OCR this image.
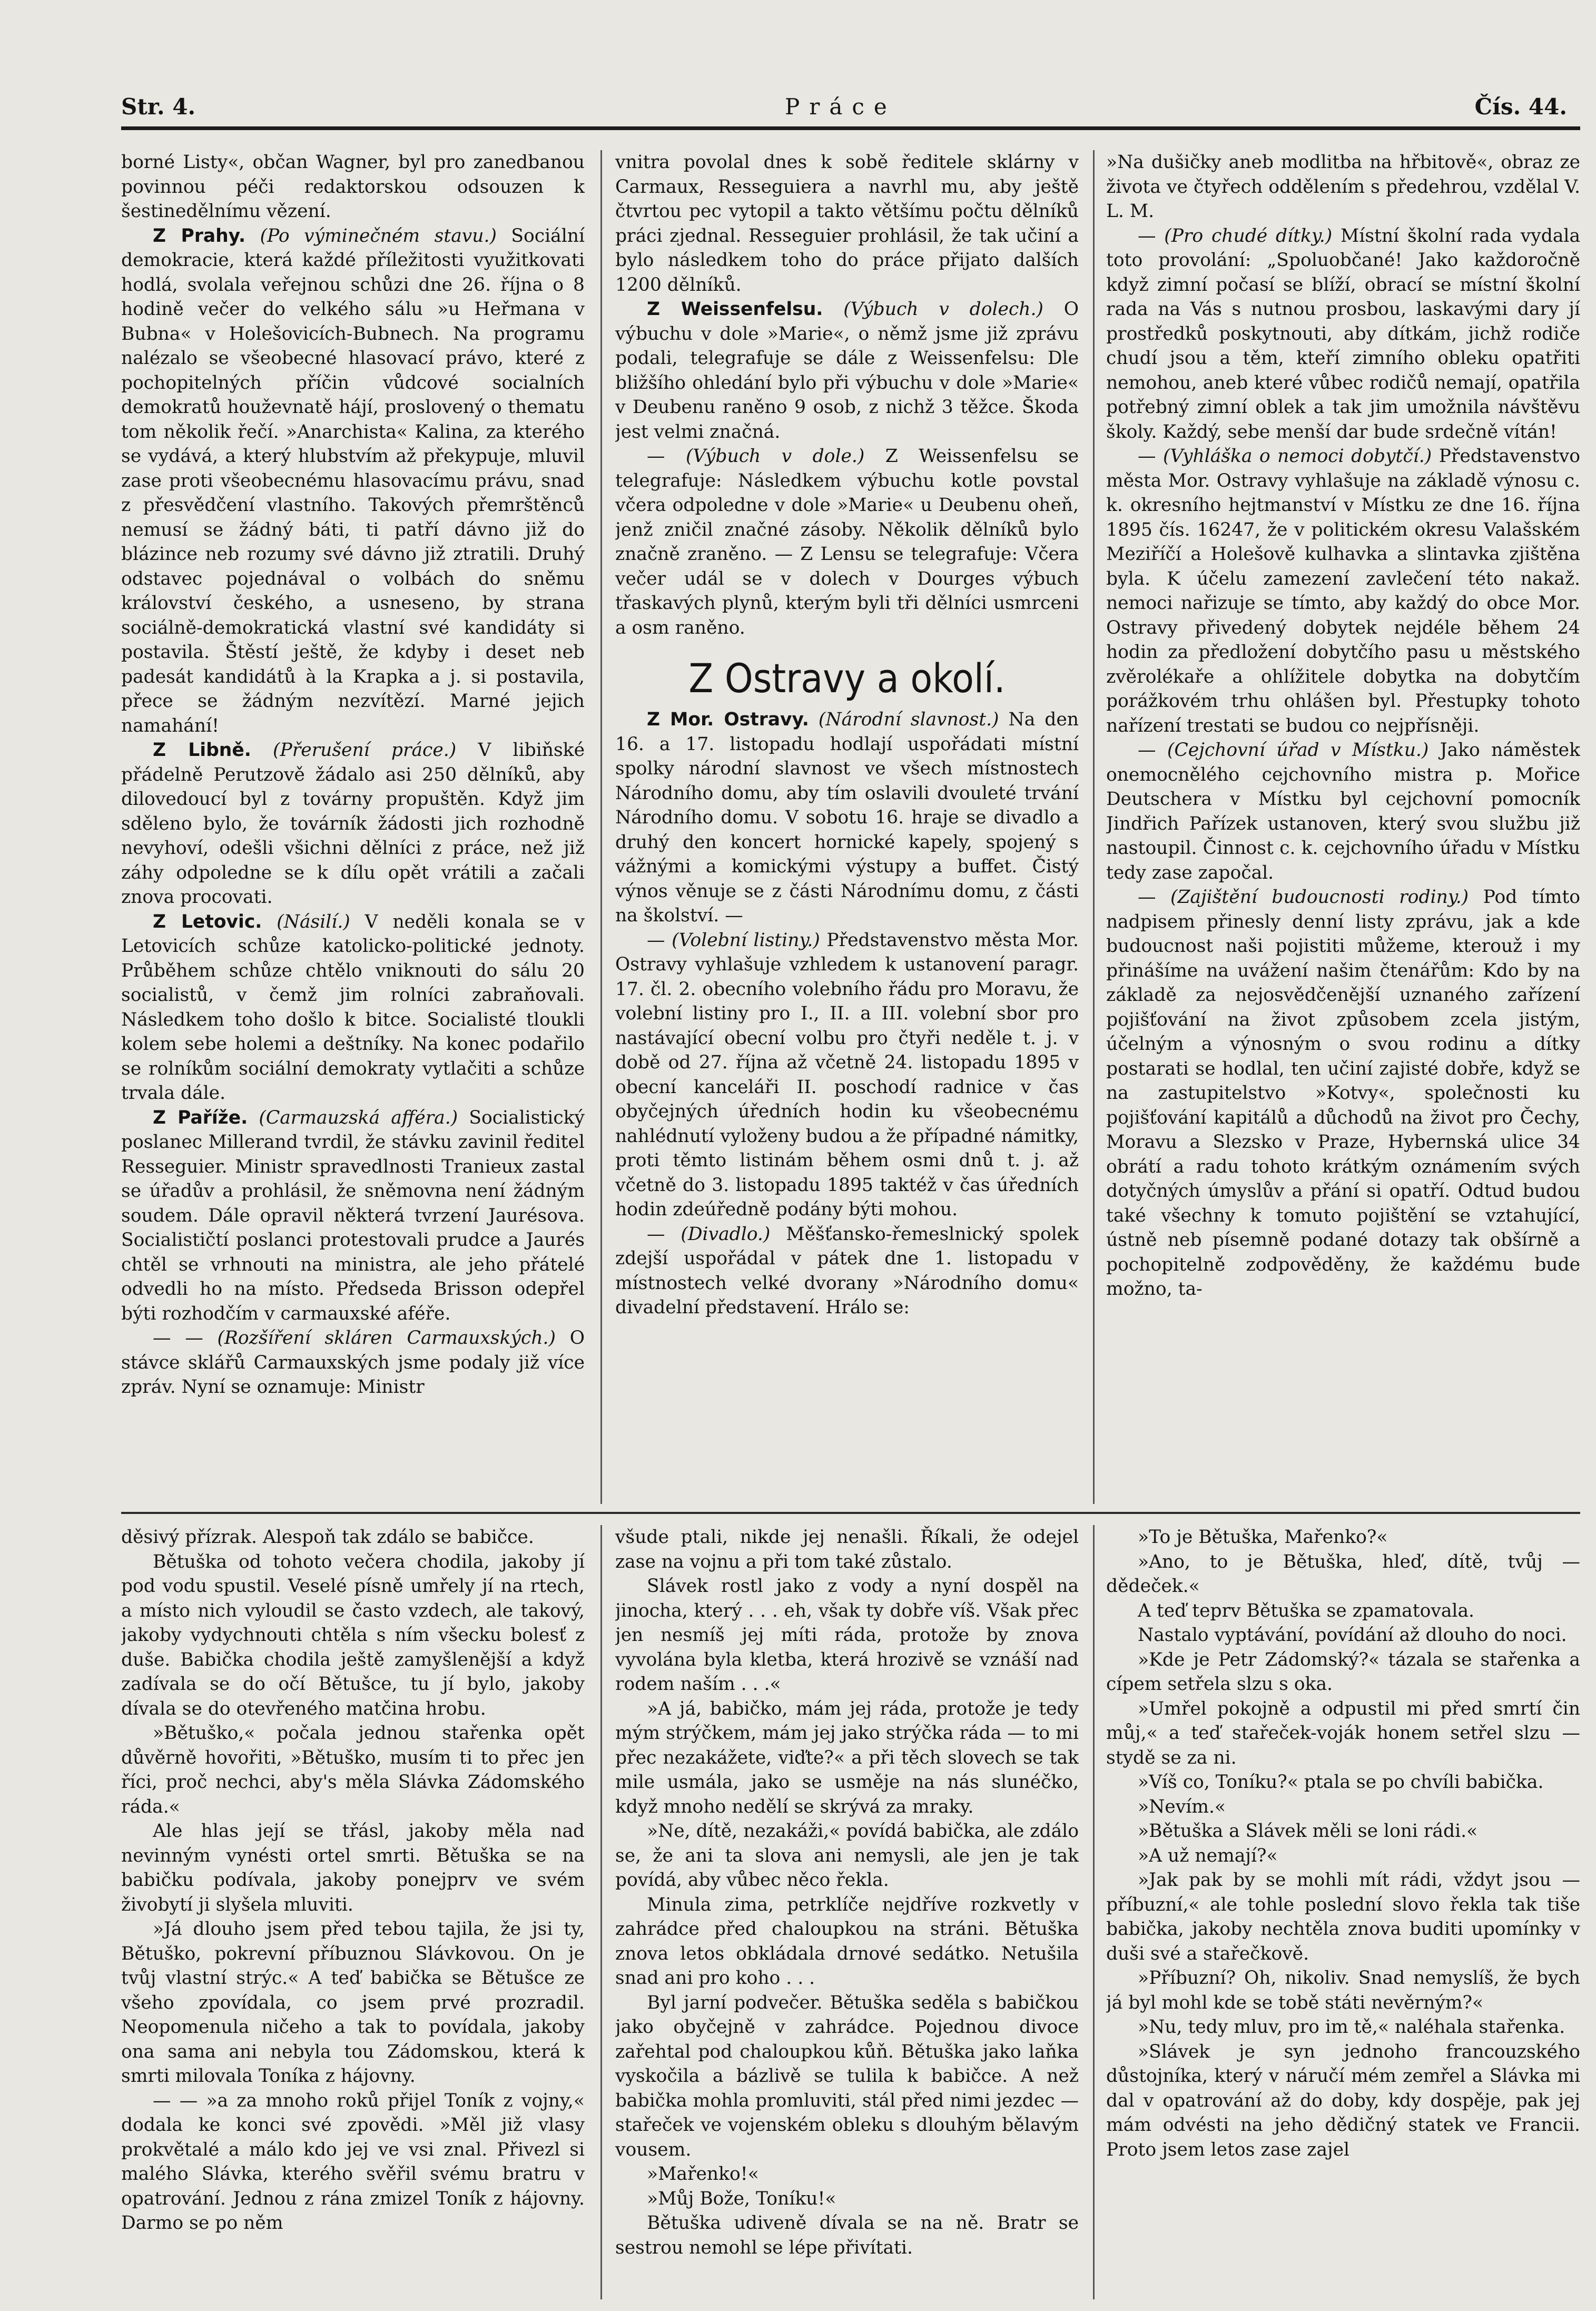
Str. 4.	Práce	Čís. 44.

borné Listy«, občan Wagner, byl pro zanedbanou povinnou péči redaktorskou odsouzen k šestinedělnímu vězení.

Z Prahy. (Po výminečném stavu.) Sociální demokracie, která každé příležitosti využitkovati hodlá, svolala veřejnou schůzi dne 26. října o 8 hodině večer do velkého sálu »u Heřmana v Bubna« v Holešovicích-Bubnech. Na programu nalézalo se všeobecné hlasovací právo, které z pochopitelných příčin vůdcové socialních demokratů houževnatě hájí, proslovený o thematu tom několik řečí. »Anarchista« Kalina, za kterého se vydává, a který hlubstvím až překypuje, mluvil zase proti všeobecnému hlasovacímu právu, snad z přesvědčení vlastního. Takových přemrštěnců nemusí se žádný báti, ti patří dávno již do blázince neb rozumy své dávno již ztratili. Druhý odstavec pojednával o volbách do sněmu království českého, a usneseno, by strana sociálně-demokratická vlastní své kandidáty si postavila. Štěstí ještě, že kdyby i deset neb padesát kandidátů à la Krapka a j. si postavila, přece se žádným nezvítězí. Marné jejich namahání!

Z Libně. (Přerušení práce.) V libiňské přádelně Perutzově žádalo asi 250 dělníků, aby dilovedoucí byl z továrny propuštěn. Když jim sděleno bylo, že továrník žádosti jich rozhodně nevyhoví, odešli všichni dělníci z práce, než již záhy odpoledne se k dílu opět vrátili a začali znova procovati.

Z Letovic. (Násilí.) V neděli konala se v Letovicích schůze katolicko-politické jednoty. Průběhem schůze chtělo vniknouti do sálu 20 socialistů, v čemž jim rolníci zabraňovali. Následkem toho došlo k bitce. Socialisté tloukli kolem sebe holemi a deštníky. Na konec podařilo se rolníkům sociální demokraty vytlačiti a schůze trvala dále.

Z Paříže. (Carmauzská afféra.) Socialistický poslanec Millerand tvrdil, že stávku zavinil ředitel Resseguier. Ministr spravedlnosti Tranieux zastal se úřadův a prohlásil, že sněmovna není žádným soudem. Dále opravil některá tvrzení Jaurésova. Socialističtí poslanci protestovali prudce a Jaurés chtěl se vrhnouti na ministra, ale jeho přátelé odvedli ho na místo. Předseda Brisson odepřel býti rozhodčím v carmauxské aféře.

— — (Rozšíření skláren Carmauxských.) O stávce sklářů Carmauxských jsme podaly již více zpráv. Nyní se oznamuje: Ministr

vnitra povolal dnes k sobě ředitele sklárny v Carmaux, Resseguiera a navrhl mu, aby ještě čtvrtou pec vytopil a takto většímu počtu dělníků práci zjednal. Resseguier prohlásil, že tak učiní a bylo následkem toho do práce přijato dalších 1200 dělníků.

Z Weissenfelsu. (Výbuch v dolech.) O výbuchu v dole »Marie«, o němž jsme již zprávu podali, telegrafuje se dále z Weissenfelsu: Dle bližšího ohledání bylo při výbuchu v dole »Marie« v Deubenu raněno 9 osob, z nichž 3 těžce. Škoda jest velmi značná.

— (Výbuch v dole.) Z Weissenfelsu se telegrafuje: Následkem výbuchu kotle povstal včera odpoledne v dole »Marie« u Deubenu oheň, jenž zničil značné zásoby. Několik dělníků bylo značně zraněno. — Z Lensu se telegrafuje: Včera večer udál se v dolech v Dourges výbuch třaskavých plynů, kterým byli tři dělníci usmrceni a osm raněno.

Z Ostravy a okolí.

Z Mor. Ostravy. (Národní slavnost.) Na den 16. a 17. listopadu hodlají uspořádati místní spolky národní slavnost ve všech místnostech Národního domu, aby tím oslavili dvouleté trvání Národního domu. V sobotu 16. hraje se divadlo a druhý den koncert hornické kapely, spojený s vážnými a komickými výstupy a buffet. Čistý výnos věnuje se z části Národnímu domu, z části na školství. —

— (Volební listiny.) Představenstvo města Mor. Ostravy vyhlašuje vzhledem k ustanovení paragr. 17. čl. 2. obecního volebního řádu pro Moravu, že volební listiny pro I., II. a III. volební sbor pro nastávající obecní volbu pro čtyři neděle t. j. v době od 27. října až včetně 24. listopadu 1895 v obecní kanceláři II. poschodí radnice v čas obyčejných úředních hodin ku všeobecnému nahlédnutí vyloženy budou a že případné námitky, proti těmto listinám během osmi dnů t. j. až včetně do 3. listopadu 1895 taktéž v čas úředních hodin zdeúředně podány býti mohou.

— (Divadlo.) Měšťansko-řemeslnický spolek zdejší uspořádal v pátek dne 1. listopadu v místnostech velké dvorany »Národního domu« divadelní představení. Hrálo se:

»Na dušičky aneb modlitba na hřbitově«, obraz ze života ve čtyřech oddělením s předehrou, vzdělal V. L. M.

— (Pro chudé dítky.) Místní školní rada vydala toto provolání: „Spoluobčané! Jako každoročně když zimní počasí se blíží, obrací se místní školní rada na Vás s nutnou prosbou, laskavými dary jí prostředků poskytnouti, aby dítkám, jichž rodiče chudí jsou a těm, kteří zimního obleku opatřiti nemohou, aneb které vůbec rodičů nemají, opatřila potřebný zimní oblek a tak jim umožnila návštěvu školy. Každý, sebe menší dar bude srdečně vítán!

— (Vyhláška o nemoci dobytčí.) Představenstvo města Mor. Ostravy vyhlašuje na základě výnosu c. k. okresního hejtmanství v Místku ze dne 16. října 1895 čís. 16247, že v politickém okresu Valašském Meziříčí a Holešově kulhavka a slintavka zjištěna byla. K účelu zamezení zavlečení této nakaž. nemoci nařizuje se tímto, aby každý do obce Mor. Ostravy přivedený dobytek nejdéle během 24 hodin za předložení dobytčího pasu u městského zvěrolékaře a ohlížitele dobytka na dobytčím porážkovém trhu ohlášen byl. Přestupky tohoto nařízení trestati se budou co nejpřísněji.

— (Cejchovní úřad v Místku.) Jako náměstek onemocnělého cejchovního mistra p. Mořice Deutschera v Místku byl cejchovní pomocník Jindřich Pařízek ustanoven, který svou službu již nastoupil. Činnost c. k. cejchovního úřadu v Místku tedy zase započal.

— (Zajištění budoucnosti rodiny.) Pod tímto nadpisem přinesly denní listy zprávu, jak a kde budoucnost naši pojistiti můžeme, kterouž i my přinášíme na uvážení našim čtenářům: Kdo by na základě za nejosvědčenější uznaného zařízení pojišťování na život způsobem zcela jistým, účelným a výnosným o svou rodinu a dítky postarati se hodlal, ten učiní zajisté dobře, když se na zastupitelstvo »Kotvy«, společnosti ku pojišťování kapitálů a důchodů na život pro Čechy, Moravu a Slezsko v Praze, Hybernská ulice 34 obrátí a radu tohoto krátkým oznámením svých dotyčných úmyslův a přání si opatří. Odtud budou také všechny k tomuto pojištění se vztahující, ústně neb písemně podané dotazy tak obšírně a pochopitelně zodpověděny, že každému bude možno, ta-

děsivý přízrak. Alespoň tak zdálo se babičce.

Bětuška od tohoto večera chodila, jakoby jí pod vodu spustil. Veselé písně umřely jí na rtech, a místo nich vyloudil se často vzdech, ale takový, jakoby vydychnouti chtěla s ním všecku bolesť z duše. Babička chodila ještě zamyšlenější a když zadívala se do očí Bětušce, tu jí bylo, jakoby dívala se do otevřeného matčina hrobu.

»Bětuško,« počala jednou stařenka opět důvěrně hovořiti, »Bětuško, musím ti to přec jen říci, proč nechci, aby's měla Slávka Zádomského ráda.«

Ale hlas její se třásl, jakoby měla nad nevinným vynésti ortel smrti. Bětuška se na babičku podívala, jakoby ponejprv ve svém živobytí ji slyšela mluviti.

»Já dlouho jsem před tebou tajila, že jsi ty, Bětuško, pokrevní příbuznou Slávkovou. On je tvůj vlastní strýc.« A teď babička se Bětušce ze všeho zpovídala, co jsem prvé prozradil. Neopomenula ničeho a tak to povídala, jakoby ona sama ani nebyla tou Zádomskou, která k smrti milovala Toníka z hájovny.

— — »a za mnoho roků přijel Toník z vojny,« dodala ke konci své zpovědi. »Měl již vlasy prokvětalé a málo kdo jej ve vsi znal. Přivezl si malého Slávka, kterého svěřil svému bratru v opatrování. Jednou z rána zmizel Toník z hájovny. Darmo se po něm

všude ptali, nikde jej nenašli. Říkali, že odejel zase na vojnu a při tom také zůstalo.

Slávek rostl jako z vody a nyní dospěl na jinocha, který . . . eh, však ty dobře víš. Však přec jen nesmíš jej míti ráda, protože by znova vyvolána byla kletba, která hrozivě se vznáší nad rodem naším . . .«

»A já, babičko, mám jej ráda, protože je tedy mým strýčkem, mám jej jako strýčka ráda — to mi přec nezakážete, viďte?« a při těch slovech se tak mile usmála, jako se usměje na nás slunéčko, když mnoho nedělí se skrývá za mraky.

»Ne, dítě, nezakáži,« povídá babička, ale zdálo se, že ani ta slova ani nemysli, ale jen je tak povídá, aby vůbec něco řekla.

Minula zima, petrklíče nejdříve rozkvetly v zahrádce před chaloupkou na stráni. Bětuška znova letos obkládala drnové sedátko. Netušila snad ani pro koho . . .

Byl jarní podvečer. Bětuška seděla s babičkou jako obyčejně v zahrádce. Pojednou divoce zařehtal pod chaloupkou kůň. Bětuška jako laňka vyskočila a bázlivě se tulila k babičce. A než babička mohla promluviti, stál před nimi jezdec — stařeček ve vojenském obleku s dlouhým bělavým vousem.

»Mařenko!«

»Můj Bože, Toníku!«

Bětuška udiveně dívala se na ně. Bratr se sestrou nemohl se lépe přivítati.

»To je Bětuška, Mařenko?«

»Ano, to je Bětuška, hleď, dítě, tvůj — dědeček.«

A teď teprv Bětuška se zpamatovala.

Nastalo vyptávání, povídání až dlouho do noci.

»Kde je Petr Zádomský?« tázala se stařenka a cípem setřela slzu s oka.

»Umřel pokojně a odpustil mi před smrtí čin můj,« a teď stařeček-voják honem setřel slzu — stydě se za ni.

»Víš co, Toníku?« ptala se po chvíli babička.

»Nevím.«

»Bětuška a Slávek měli se loni rádi.«

»A už nemají?«

»Jak pak by se mohli mít rádi, vždyt jsou — příbuzní,« ale tohle poslední slovo řekla tak tiše babička, jakoby nechtěla znova buditi upomínky v duši své a stařečkově.

»Příbuzní? Oh, nikoliv. Snad nemyslíš, že bych já byl mohl kde se tobě státi nevěrným?«

»Nu, tedy mluv, pro im tě,« naléhala stařenka.

»Slávek je syn jednoho francouzského důstojníka, který v náručí mém zemřel a Slávka mi dal v opatrování až do doby, kdy dospěje, pak jej mám odvésti na jeho dědičný statek ve Francii. Proto jsem letos zase zajel
